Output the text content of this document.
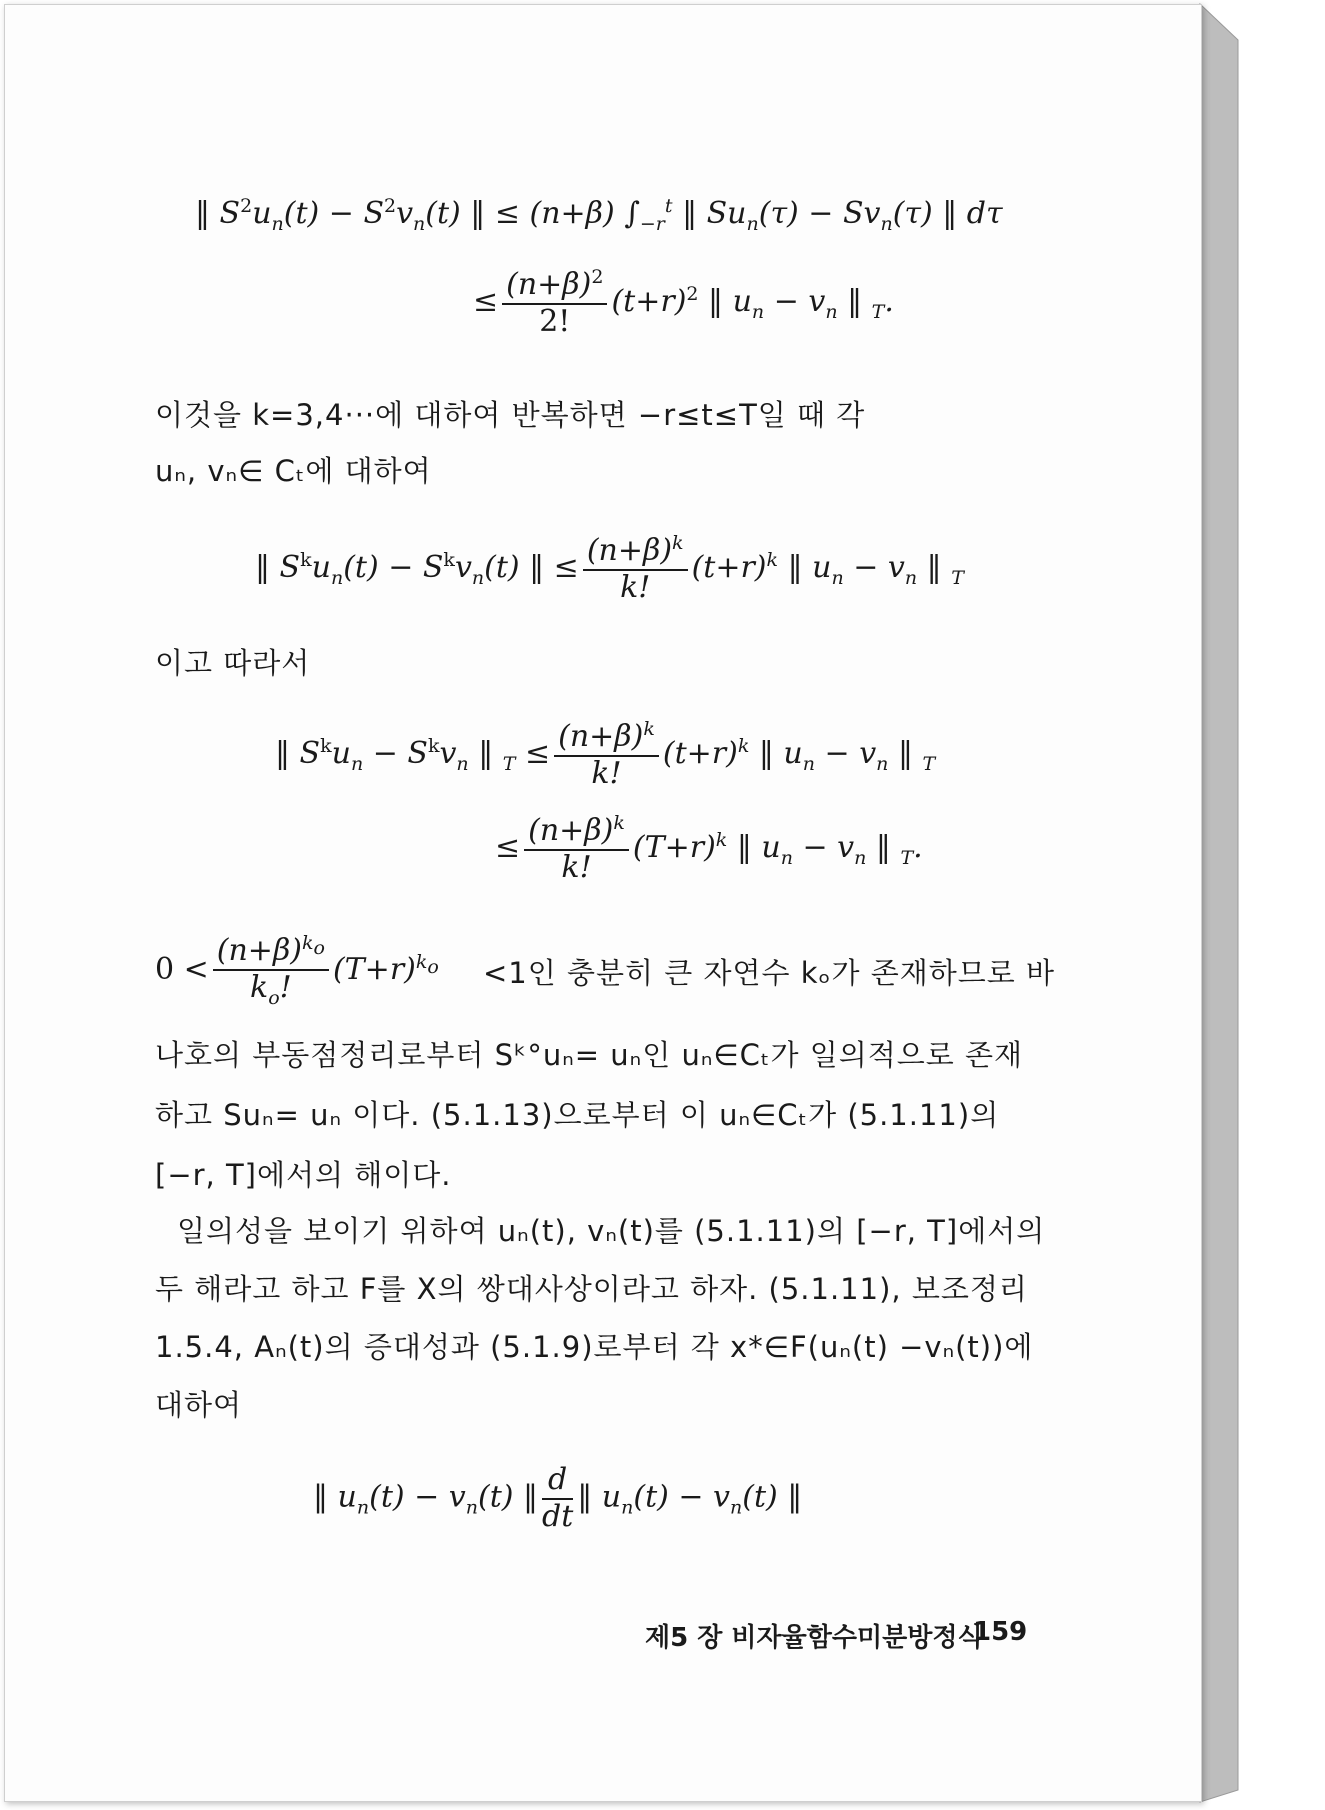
‖ $S^2u_n(t) - S^2v_n(t)$ ‖ ≤ (n+β) $\int_{-r}^t$ ‖ $Su_n(\tau) - Sv_n(\tau)$ ‖ dτ
≤ $\frac{(n+\beta)^2}{2!} (t+r)^2$ ‖ $u_n - v_n$ ‖ $_T$.
이것을 k=3,4···에 대하여 반복하면 −r≤t≤T일 때 각
uₙ, vₙ∈ Cₜ에 대하여
‖ $S^ku_n(t) - S^kv_n(t)$ ‖ ≤ $\frac{(n+\beta)^k}{k!} (t+r)^k$ ‖ $u_n - v_n$ ‖ $_T$
이고 따라서
‖ $S^ku_n - S^kv_n$ ‖ $_T \le \frac{(n+\beta)^k}{k!} (t+r)^k$ ‖ $u_n - v_n$ ‖ $_T$
≤ $\frac{(n+\beta)^k}{k!} (T+r)^k$ ‖ $u_n - v_n$ ‖ $_T$.
$0 < \frac{(n+\beta)^{k_o}}{k_o!} (T+r)^{k_o} <1$인 충분히 큰 자연수 kₒ가 존재하므로 바
나호의 부동점정리로부터 Sᵏ°uₙ= uₙ인 uₙ∈Cₜ가 일의적으로 존재
하고 Suₙ= uₙ 이다. (5.1.13)으로부터 이 uₙ∈Cₜ가 (5.1.11)의
[−r, T]에서의 해이다.
일의성을 보이기 위하여 uₙ(t), vₙ(t)를 (5.1.11)의 [−r, T]에서의
두 해라고 하고 F를 X의 쌍대사상이라고 하자. (5.1.11), 보조정리
1.5.4, Aₙ(t)의 증대성과 (5.1.9)로부터 각 x*∈F(uₙ(t) −vₙ(t))에
대하여
‖ $u_n(t) - v_n(t)$ ‖ $\frac{d}{dt}$ ‖ $u_n(t) - v_n(t)$ ‖
제5 장 비자율함수미분방정식
159
